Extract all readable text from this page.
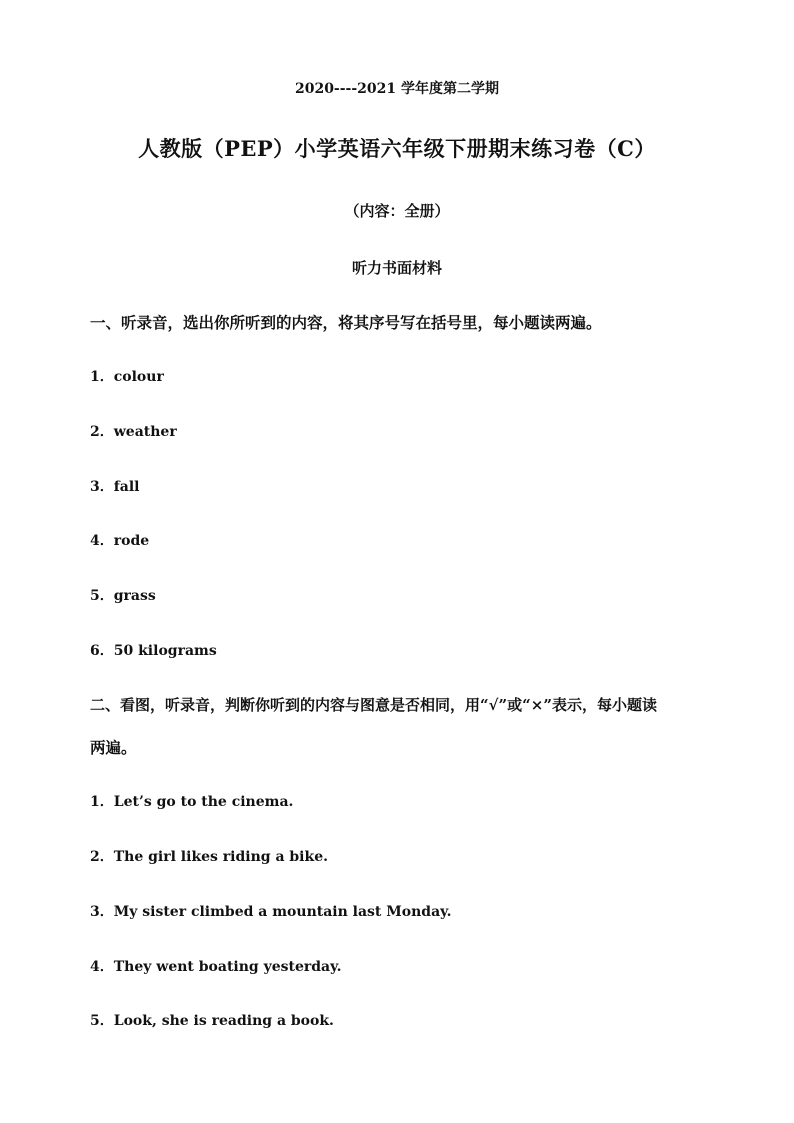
2020----2021 学年度第二学期
人教版（PEP）小学英语六年级下册期末练习卷（C）
（内容：全册）
听力书面材料
一、听录音，选出你所听到的内容，将其序号写在括号里，每小题读两遍。
1．colour
2．weather
3．fall
4．rode
5．grass
6．50 kilograms
二、看图，听录音，判断你听到的内容与图意是否相同，用“√”或“×”表示，每小题读
两遍。
1．Let’s go to the cinema.
2．The girl likes riding a bike.
3．My sister climbed a mountain last Monday.
4．They went boating yesterday.
5．Look, she is reading a book.
